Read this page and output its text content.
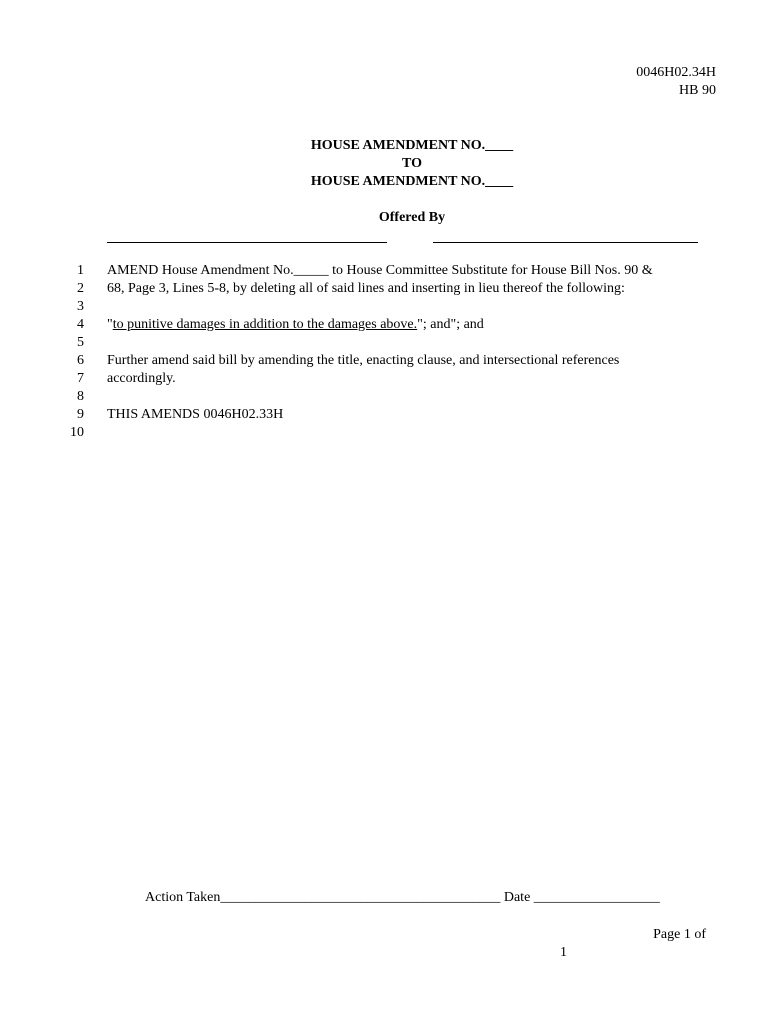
0046H02.34H
HB 90
HOUSE AMENDMENT NO.____
TO
HOUSE AMENDMENT NO.____
Offered By
1
2
3
4
5
6
7
8
9
10
AMEND House Amendment No._____ to House Committee Substitute for House Bill Nos. 90 &
68, Page 3, Lines 5-8, by deleting all of said lines and inserting in lieu thereof the following:
"to punitive damages in addition to the damages above."; and"; and
Further amend said bill by amending the title, enacting clause, and intersectional references
accordingly.
THIS AMENDS 0046H02.33H
Action Taken________________________________________ Date __________________
Page 1 of
1
